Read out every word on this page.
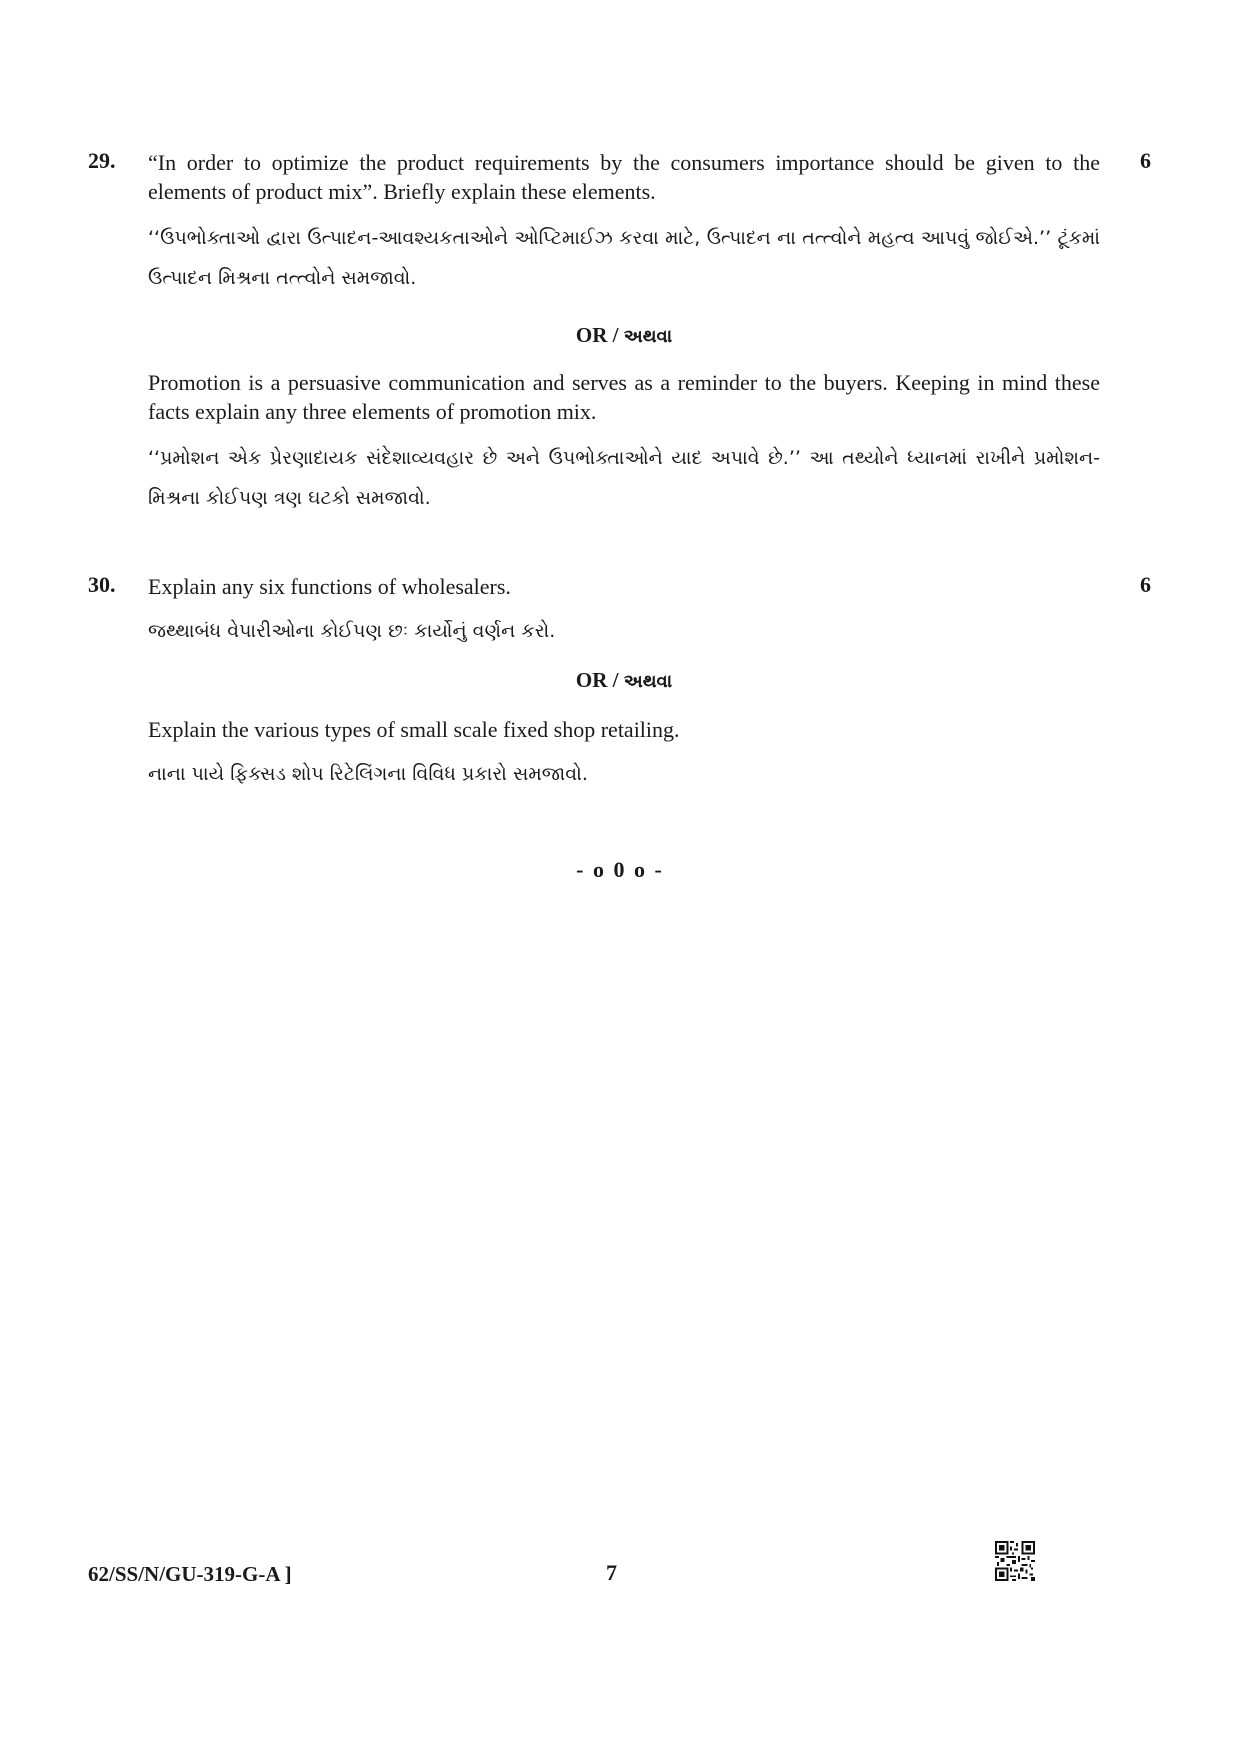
29.	6

“In order to optimize the product requirements by the consumers importance should be given to the elements of product mix”. Briefly explain these elements.

‘‘ઉપભોક્તાઓ દ્વારા ઉત્પાદન-આવશ્યકતાઓને ઓપ્ટિમાઈઝ કરવા માટે, ઉત્પાદન ના તત્ત્વોને મહત્વ આપવું જોઈએ.’’ ટૂંકમાં ઉત્પાદન મિશ્રના તત્ત્વોને સમજાવો.

OR / અથવા

Promotion is a persuasive communication and serves as a reminder to the buyers. Keeping in mind these facts explain any three elements of promotion mix.

‘‘પ્રમોશન એક પ્રેરણાદાયક સંદેશાવ્યવહાર છે અને ઉપભોક્તાઓને યાદ અપાવે છે.’’ આ તથ્યોને ધ્યાનમાં રાખીને પ્રમોશન-મિશ્રના કોઈપણ ત્રણ ઘટકો સમજાવો.

30.	6

Explain any six functions of wholesalers.

જથ્થાબંધ વેપારીઓના કોઈપણ છઃ કાર્યોનું વર્ણન કરો.

OR / અથવા

Explain the various types of small scale fixed shop retailing.

નાના પાયે ફિક્સડ શોપ રિટેલિંગના વિવિધ પ્રકારો સમજાવો.

- o 0 o -
62/SS/N/GU-319-G-A ]	7
